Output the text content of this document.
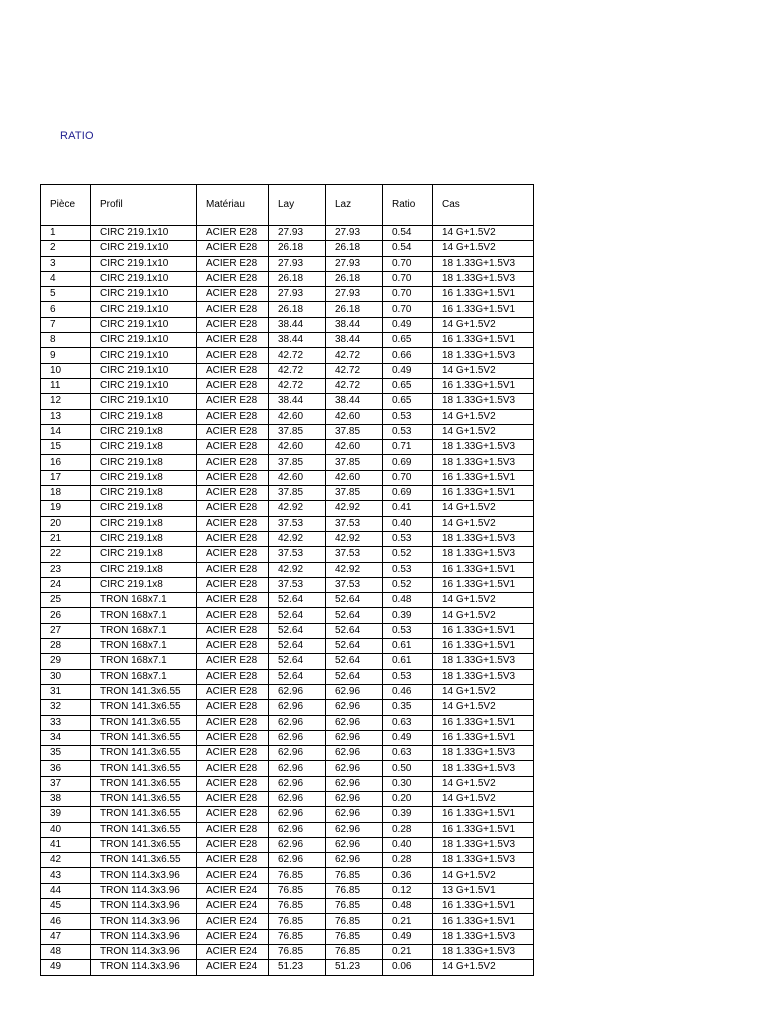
RATIO
Pièce	Profil	Matériau	Lay	Laz	Ratio	Cas
1	CIRC 219.1x10	ACIER E28	27.93	27.93	0.54	14 G+1.5V2
2	CIRC 219.1x10	ACIER E28	26.18	26.18	0.54	14 G+1.5V2
3	CIRC 219.1x10	ACIER E28	27.93	27.93	0.70	18 1.33G+1.5V3
4	CIRC 219.1x10	ACIER E28	26.18	26.18	0.70	18 1.33G+1.5V3
5	CIRC 219.1x10	ACIER E28	27.93	27.93	0.70	16 1.33G+1.5V1
6	CIRC 219.1x10	ACIER E28	26.18	26.18	0.70	16 1.33G+1.5V1
7	CIRC 219.1x10	ACIER E28	38.44	38.44	0.49	14 G+1.5V2
8	CIRC 219.1x10	ACIER E28	38.44	38.44	0.65	16 1.33G+1.5V1
9	CIRC 219.1x10	ACIER E28	42.72	42.72	0.66	18 1.33G+1.5V3
10	CIRC 219.1x10	ACIER E28	42.72	42.72	0.49	14 G+1.5V2
11	CIRC 219.1x10	ACIER E28	42.72	42.72	0.65	16 1.33G+1.5V1
12	CIRC 219.1x10	ACIER E28	38.44	38.44	0.65	18 1.33G+1.5V3
13	CIRC 219.1x8	ACIER E28	42.60	42.60	0.53	14 G+1.5V2
14	CIRC 219.1x8	ACIER E28	37.85	37.85	0.53	14 G+1.5V2
15	CIRC 219.1x8	ACIER E28	42.60	42.60	0.71	18 1.33G+1.5V3
16	CIRC 219.1x8	ACIER E28	37.85	37.85	0.69	18 1.33G+1.5V3
17	CIRC 219.1x8	ACIER E28	42.60	42.60	0.70	16 1.33G+1.5V1
18	CIRC 219.1x8	ACIER E28	37.85	37.85	0.69	16 1.33G+1.5V1
19	CIRC 219.1x8	ACIER E28	42.92	42.92	0.41	14 G+1.5V2
20	CIRC 219.1x8	ACIER E28	37.53	37.53	0.40	14 G+1.5V2
21	CIRC 219.1x8	ACIER E28	42.92	42.92	0.53	18 1.33G+1.5V3
22	CIRC 219.1x8	ACIER E28	37.53	37.53	0.52	18 1.33G+1.5V3
23	CIRC 219.1x8	ACIER E28	42.92	42.92	0.53	16 1.33G+1.5V1
24	CIRC 219.1x8	ACIER E28	37.53	37.53	0.52	16 1.33G+1.5V1
25	TRON 168x7.1	ACIER E28	52.64	52.64	0.48	14 G+1.5V2
26	TRON 168x7.1	ACIER E28	52.64	52.64	0.39	14 G+1.5V2
27	TRON 168x7.1	ACIER E28	52.64	52.64	0.53	16 1.33G+1.5V1
28	TRON 168x7.1	ACIER E28	52.64	52.64	0.61	16 1.33G+1.5V1
29	TRON 168x7.1	ACIER E28	52.64	52.64	0.61	18 1.33G+1.5V3
30	TRON 168x7.1	ACIER E28	52.64	52.64	0.53	18 1.33G+1.5V3
31	TRON 141.3x6.55	ACIER E28	62.96	62.96	0.46	14 G+1.5V2
32	TRON 141.3x6.55	ACIER E28	62.96	62.96	0.35	14 G+1.5V2
33	TRON 141.3x6.55	ACIER E28	62.96	62.96	0.63	16 1.33G+1.5V1
34	TRON 141.3x6.55	ACIER E28	62.96	62.96	0.49	16 1.33G+1.5V1
35	TRON 141.3x6.55	ACIER E28	62.96	62.96	0.63	18 1.33G+1.5V3
36	TRON 141.3x6.55	ACIER E28	62.96	62.96	0.50	18 1.33G+1.5V3
37	TRON 141.3x6.55	ACIER E28	62.96	62.96	0.30	14 G+1.5V2
38	TRON 141.3x6.55	ACIER E28	62.96	62.96	0.20	14 G+1.5V2
39	TRON 141.3x6.55	ACIER E28	62.96	62.96	0.39	16 1.33G+1.5V1
40	TRON 141.3x6.55	ACIER E28	62.96	62.96	0.28	16 1.33G+1.5V1
41	TRON 141.3x6.55	ACIER E28	62.96	62.96	0.40	18 1.33G+1.5V3
42	TRON 141.3x6.55	ACIER E28	62.96	62.96	0.28	18 1.33G+1.5V3
43	TRON 114.3x3.96	ACIER E24	76.85	76.85	0.36	14 G+1.5V2
44	TRON 114.3x3.96	ACIER E24	76.85	76.85	0.12	13 G+1.5V1
45	TRON 114.3x3.96	ACIER E24	76.85	76.85	0.48	16 1.33G+1.5V1
46	TRON 114.3x3.96	ACIER E24	76.85	76.85	0.21	16 1.33G+1.5V1
47	TRON 114.3x3.96	ACIER E24	76.85	76.85	0.49	18 1.33G+1.5V3
48	TRON 114.3x3.96	ACIER E24	76.85	76.85	0.21	18 1.33G+1.5V3
49	TRON 114.3x3.96	ACIER E24	51.23	51.23	0.06	14 G+1.5V2
